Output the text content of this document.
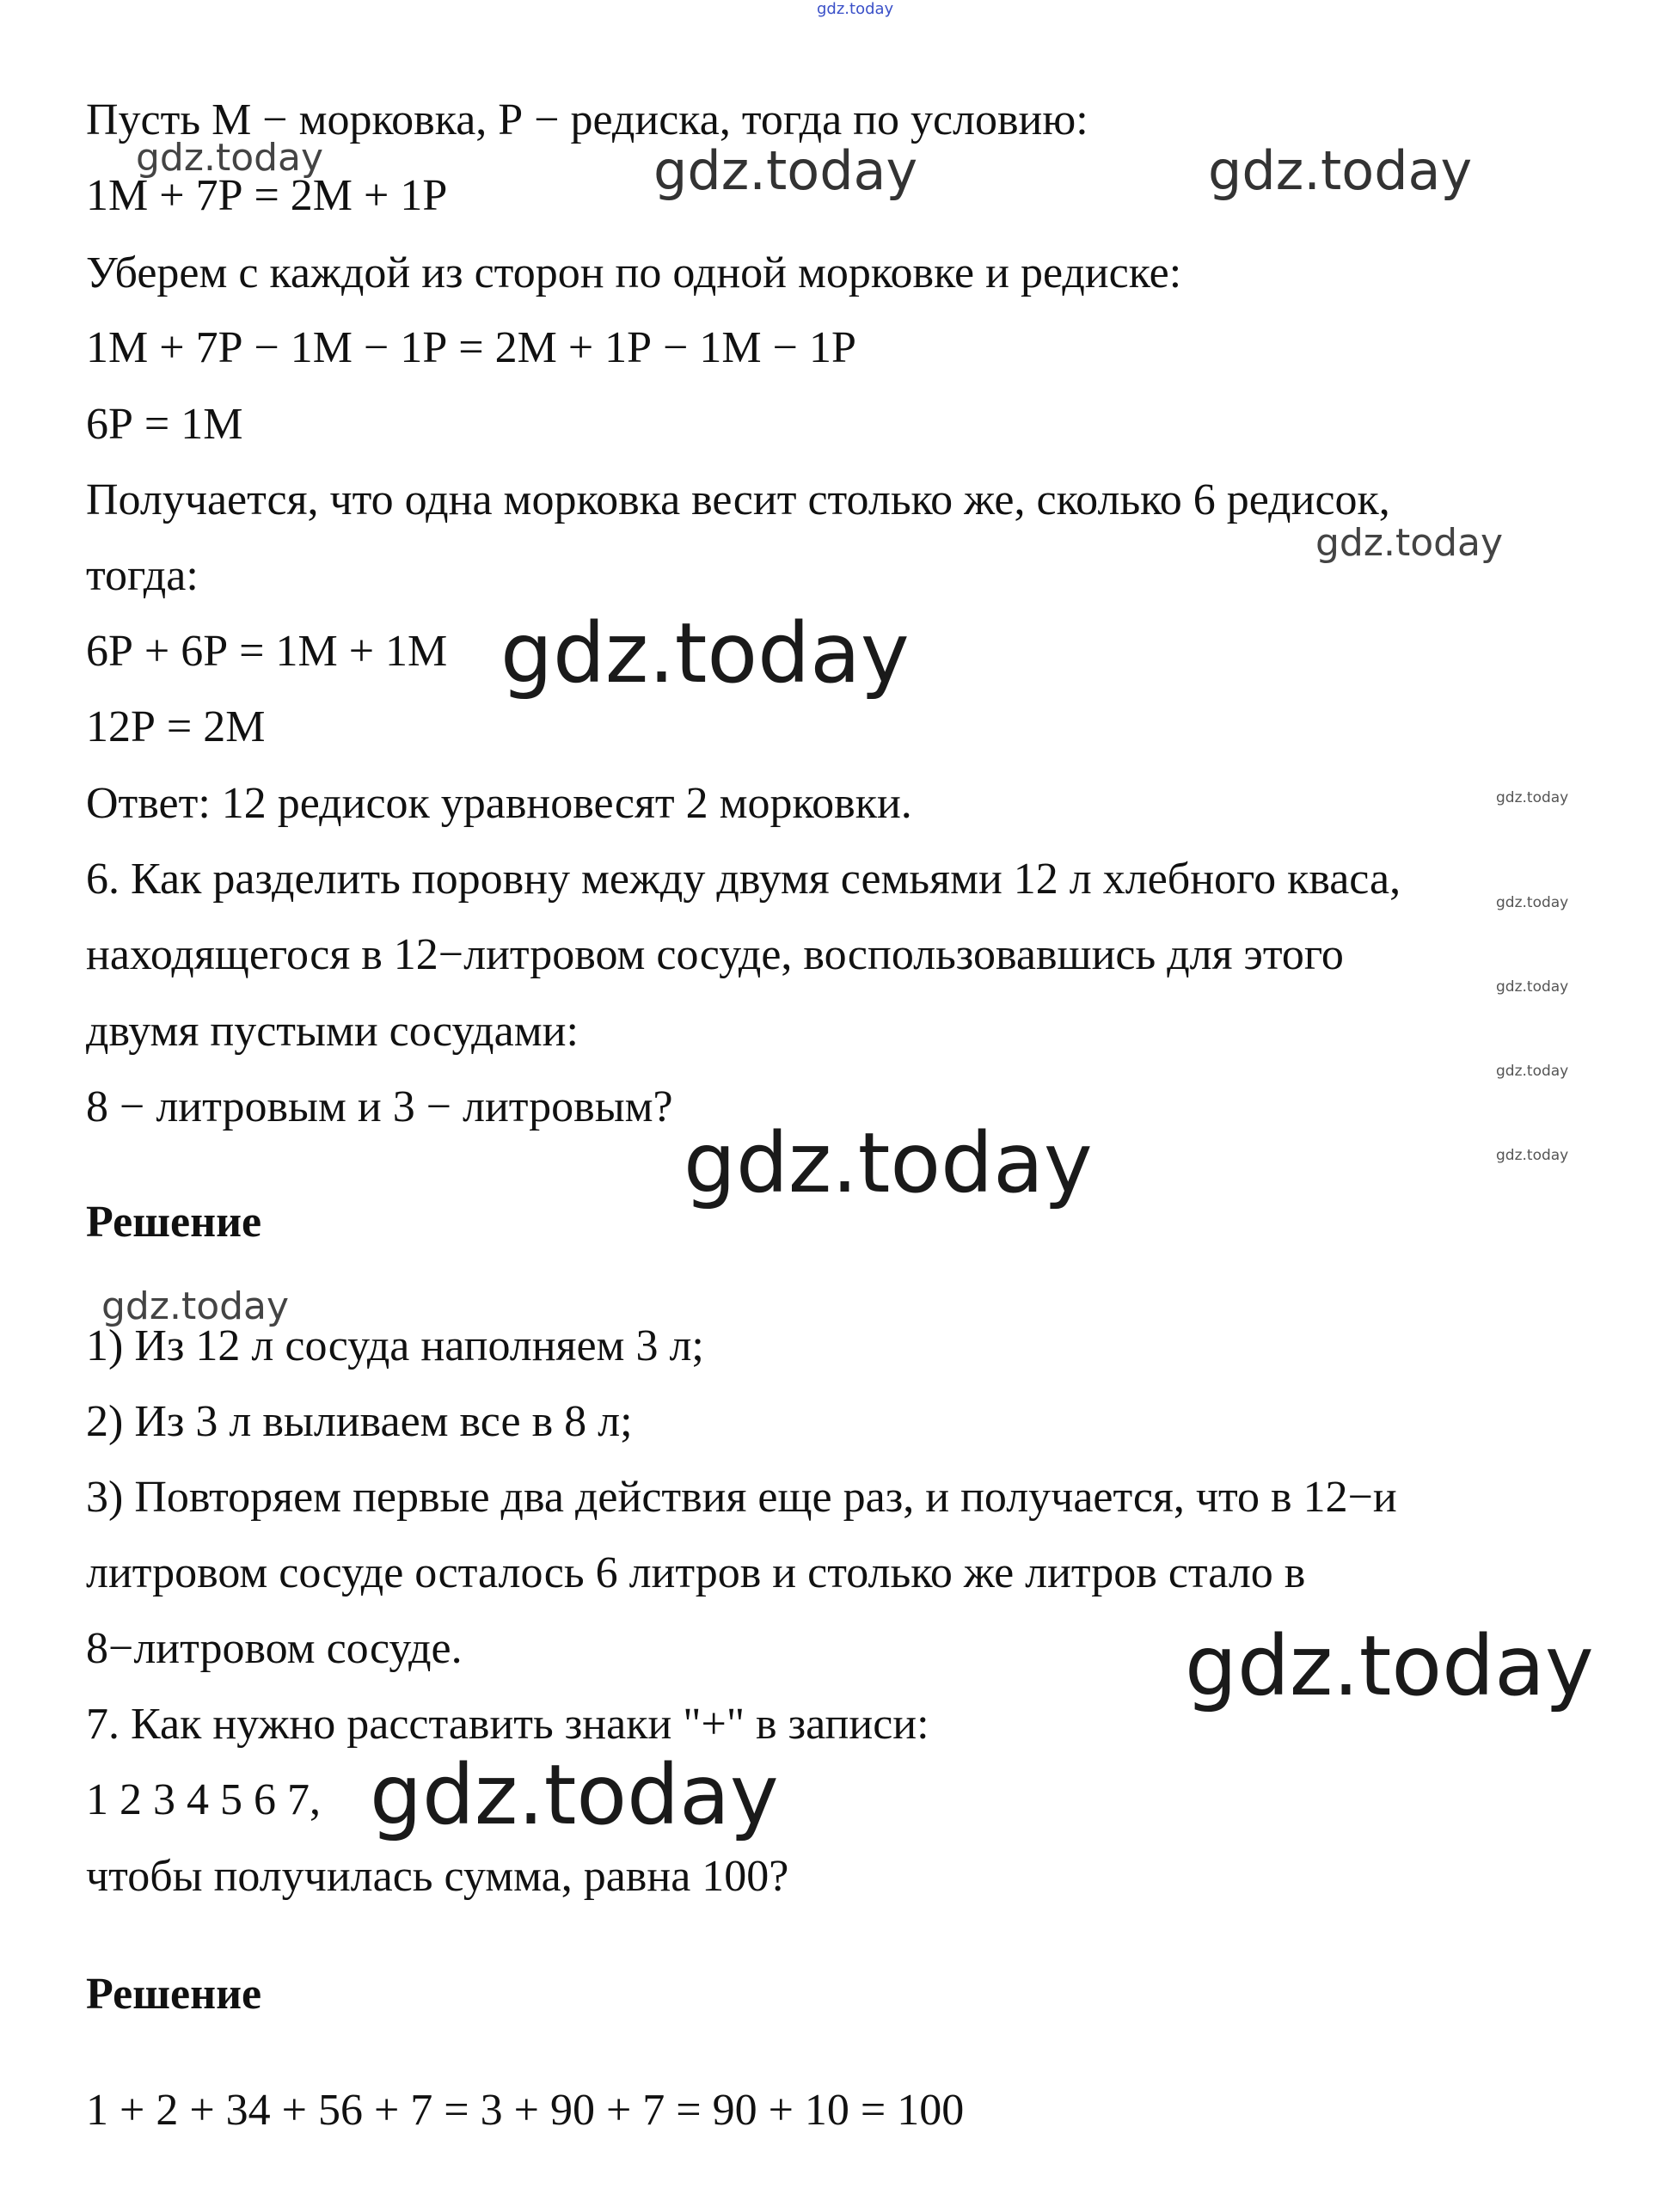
gdz.today
gdz.today	gdz.today	gdz.today
gdz.today
gdz.today
gdz.today
gdz.today
gdz.today
gdz.today
gdz.today
gdz.today
gdz.today
Пусть М − морковка, Р − редиска, тогда по условию:
1М + 7Р = 2М + 1Р
Уберем с каждой из сторон по одной морковке и редиске:
1М + 7Р − 1М − 1Р = 2М + 1Р − 1М − 1Р
6Р = 1М
Получается, что одна морковка весит столько же, сколько 6 редисок,
тогда:
6Р + 6Р = 1М + 1М gdz.today
12Р = 2М
Ответ: 12 редисок уравновесят 2 морковки.
6. Как разделить поровну между двумя семьями 12 л хлебного кваса,
находящегося в 12−литровом сосуде, воспользовавшись для этого
двумя пустыми сосудами:
8 − литровым и 3 − литровым?
Решение
1) Из 12 л сосуда наполняем 3 л;
2) Из 3 л выливаем все в 8 л;
3) Повторяем первые два действия еще раз, и получается, что в 12−и
литровом сосуде осталось 6 литров и столько же литров стало в
8−литровом сосуде.
7. Как нужно расставить знаки "+" в записи:
1 2 3 4 5 6 7, gdz.today
чтобы получилась сумма, равна 100?
Решение
1 + 2 + 34 + 56 + 7 = 3 + 90 + 7 = 90 + 10 = 100
